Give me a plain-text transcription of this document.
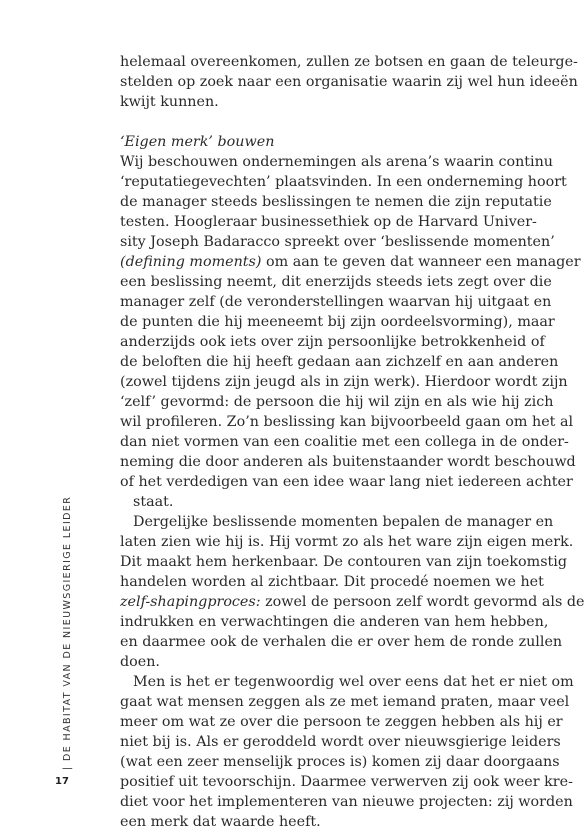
helemaal overeenkomen, zullen ze botsen en gaan de teleurge-
stelden op zoek naar een organisatie waarin zij wel hun ideeën
kwijt kunnen.
‘Eigen merk’ bouwen
Wij beschouwen ondernemingen als arena’s waarin continu
‘reputatiegevechten’ plaatsvinden. In een onderneming hoort
de manager steeds beslissingen te nemen die zijn reputatie
testen. Hoogleraar businessethiek op de Harvard Univer-
sity Joseph Badaracco spreekt over ‘beslissende momenten’
(defining moments) om aan te geven dat wanneer een manager
een beslissing neemt, dit enerzijds steeds iets zegt over die
manager zelf (de veronderstellingen waarvan hij uitgaat en
de punten die hij meeneemt bij zijn oordeelsvorming), maar
anderzijds ook iets over zijn persoonlijke betrokkenheid of
de beloften die hij heeft gedaan aan zichzelf en aan anderen
(zowel tijdens zijn jeugd als in zijn werk). Hierdoor wordt zijn
‘zelf’ gevormd: de persoon die hij wil zijn en als wie hij zich
wil profileren. Zo’n beslissing kan bijvoorbeeld gaan om het al
dan niet vormen van een coalitie met een collega in de onder-
neming die door anderen als buitenstaander wordt beschouwd
of het verdedigen van een idee waar lang niet iedereen achter
staat.
Dergelijke beslissende momenten bepalen de manager en
laten zien wie hij is. Hij vormt zo als het ware zijn eigen merk.
Dit maakt hem herkenbaar. De contouren van zijn toekomstig
handelen worden al zichtbaar. Dit procedé noemen we het
zelf-shapingproces: zowel de persoon zelf wordt gevormd als de
indrukken en verwachtingen die anderen van hem hebben,
en daarmee ook de verhalen die er over hem de ronde zullen
doen.
Men is het er tegenwoordig wel over eens dat het er niet om
gaat wat mensen zeggen als ze met iemand praten, maar veel
meer om wat ze over die persoon te zeggen hebben als hij er
niet bij is. Als er geroddeld wordt over nieuwsgierige leiders
(wat een zeer menselijk proces is) komen zij daar doorgaans
positief uit tevoorschijn. Daarmee verwerven zij ook weer kre-
diet voor het implementeren van nieuwe projecten: zij worden
een merk dat waarde heeft.
| DE HABITAT VAN DE NIEUWSGIERIGE LEIDER
17
